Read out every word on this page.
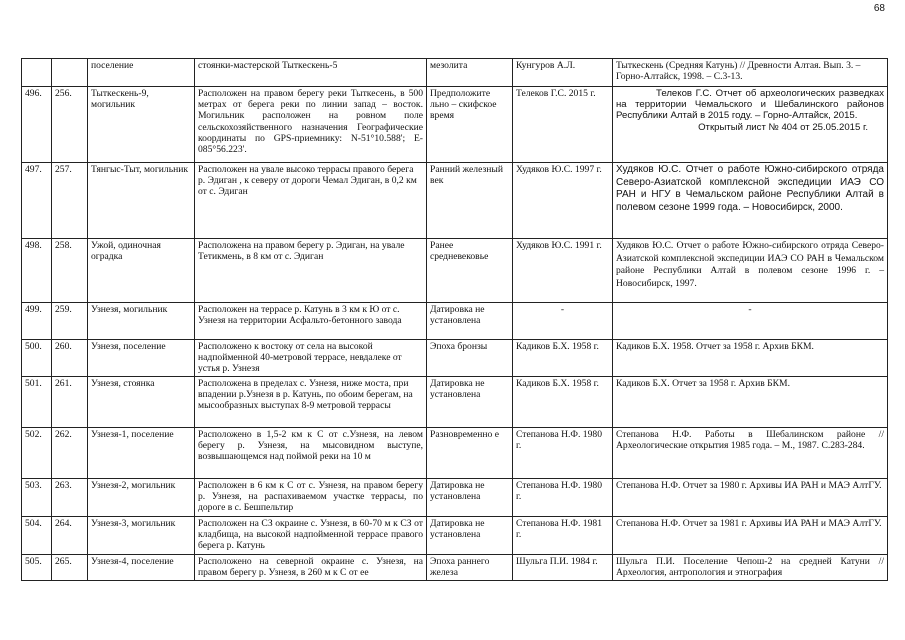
68
		поселение	стоянки-мастерской Тыткескень-5	мезолита	Кунгуров А.Л.	Тыткескень (Средняя Катунь) // Древности Алтая. Вып. 3. – Горно-Алтайск, 1998. – С.3-13.
496.	256.	Тыткескень-9, могильник	Расположен на правом берегу реки Тыткесень, в 500 метрах от берега реки по линии запад – восток. Могильник расположен на ровном поле сельскохозяйственного назначения Географические координаты по GPS-приемнику: N-51°10.588'; E-085°56.223'.	Предположите льно – скифское время	Телеков Г.С. 2015 г.	Телеков Г.С. Отчет об археологических разведках на территории Чемальского и Шебалинского районов Республики Алтай в 2015 году. – Горно-Алтайск, 2015.
Открытый лист № 404 от 25.05.2015 г.

497.	257.	Тянгыс-Тыт, могильник	Расположен на увале высоко террасы правого берега р. Эдиган , к северу от дороги Чемал Эдиган, в 0,2 км от с. Эдиган	Ранний железный век	Худяков Ю.С. 1997 г.	Худяков Ю.С. Отчет о работе Южно-сибирского отряда Северо-Азиатской комплексной экспедиции ИАЭ СО РАН и НГУ в Чемальском районе Республики Алтай в полевом сезоне 1999 года. – Новосибирск, 2000.
498.	258.	Ужой, одиночная оградка	Расположена на правом берегу р. Эдиган, на увале Тетикмень, в 8 км от с. Эдиган	Ранее средневековье	Худяков Ю.С. 1991 г.	Худяков Ю.С. Отчет о работе Южно-сибирского отряда Северо-Азиатской комплексной экспедиции ИАЭ СО РАН в Чемальском районе Республики Алтай в полевом сезоне 1996 г. – Новосибирск, 1997.
499.	259.	Узнезя, могильник	Расположен на террасе р. Катунь в 3 км к Ю от с. Узнезя на территории Асфальто-бетонного завода	Датировка не установлена	-	-
500.	260.	Узнезя, поселение	Расположено к востоку от села на высокой надпойменной 40-метровой террасе, невдалеке от устья р. Узнезя	Эпоха бронзы	Кадиков Б.Х. 1958 г.	Кадиков Б.Х. 1958. Отчет за 1958 г. Архив БКМ.
501.	261.	Узнезя, стоянка	Расположена в пределах с. Узнезя, ниже моста, при впадении р.Узнезя в р. Катунь, по обоим берегам, на мысообразных выступах 8-9 метровой террасы	Датировка не установлена	Кадиков Б.Х. 1958 г.	Кадиков Б.Х. Отчет за 1958 г. Архив БКМ.
502.	262.	Узнезя-1, поселение	Расположено в 1,5-2 км к С от с.Узнезя, на левом берегу р. Узнезя, на мысовидном выступе, возвышающемся над поймой реки на 10 м	Разновременно е	Степанова Н.Ф. 1980 г.	Степанова Н.Ф. Работы в Шебалинском районе //Археологические открытия 1985 года. – М., 1987. С.283-284.
503.	263.	Узнезя-2, могильник	Расположен в 6 км к С от с. Узнезя, на правом берегу р. Узнезя, на распахиваемом участке террасы, по дороге в с. Бешпельтир	Датировка не установлена	Степанова Н.Ф. 1980 г.	Степанова Н.Ф. Отчет за 1980 г. Архивы ИА РАН и МАЭ АлтГУ.
504.	264.	Узнезя-3, могильник	Расположен на СЗ окраине с. Узнезя, в 60-70 м к СЗ от кладбища, на высокой надпойменной террасе правого берега р. Катунь	Датировка не установлена	Степанова Н.Ф. 1981 г.	Степанова Н.Ф. Отчет за 1981 г. Архивы ИА РАН и МАЭ АлтГУ.
505.	265.	Узнезя-4, поселение	Расположено на северной окраине с. Узнезя, на правом берегу р. Узнезя, в 260 м к С от ее	Эпоха раннего железа	Шульга П.И. 1984 г.	Шульга П.И. Поселение Чепош-2 на средней Катуни // Археология, антропология и этнография
